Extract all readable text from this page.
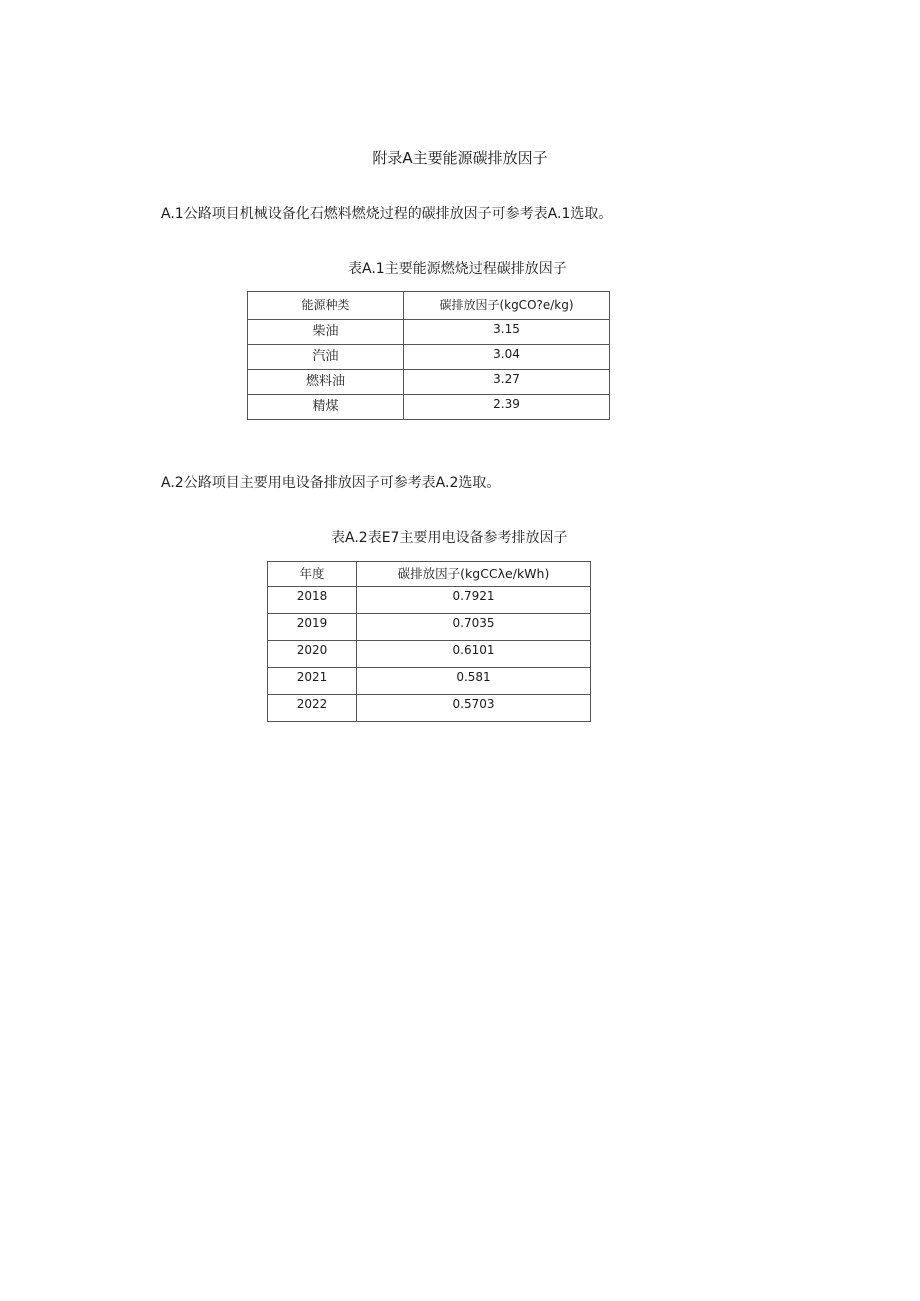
附录A主要能源碳排放因子
A.1公路项目机械设备化石燃料燃烧过程的碳排放因子可参考表A.1选取。
表A.1主要能源燃烧过程碳排放因子
能源种类	碳排放因子(kgCO?e/kg)
柴油	3.15
汽油	3.04
燃料油	3.27
精煤	2.39
A.2公路项目主要用电设备排放因子可参考表A.2选取。
表A.2表E7主要用电设备参考排放因子
年度	碳排放因子(kgCCλe∕kWh)
2018	0.7921
2019	0.7035
2020	0.6101
2021	0.581
2022	0.5703
